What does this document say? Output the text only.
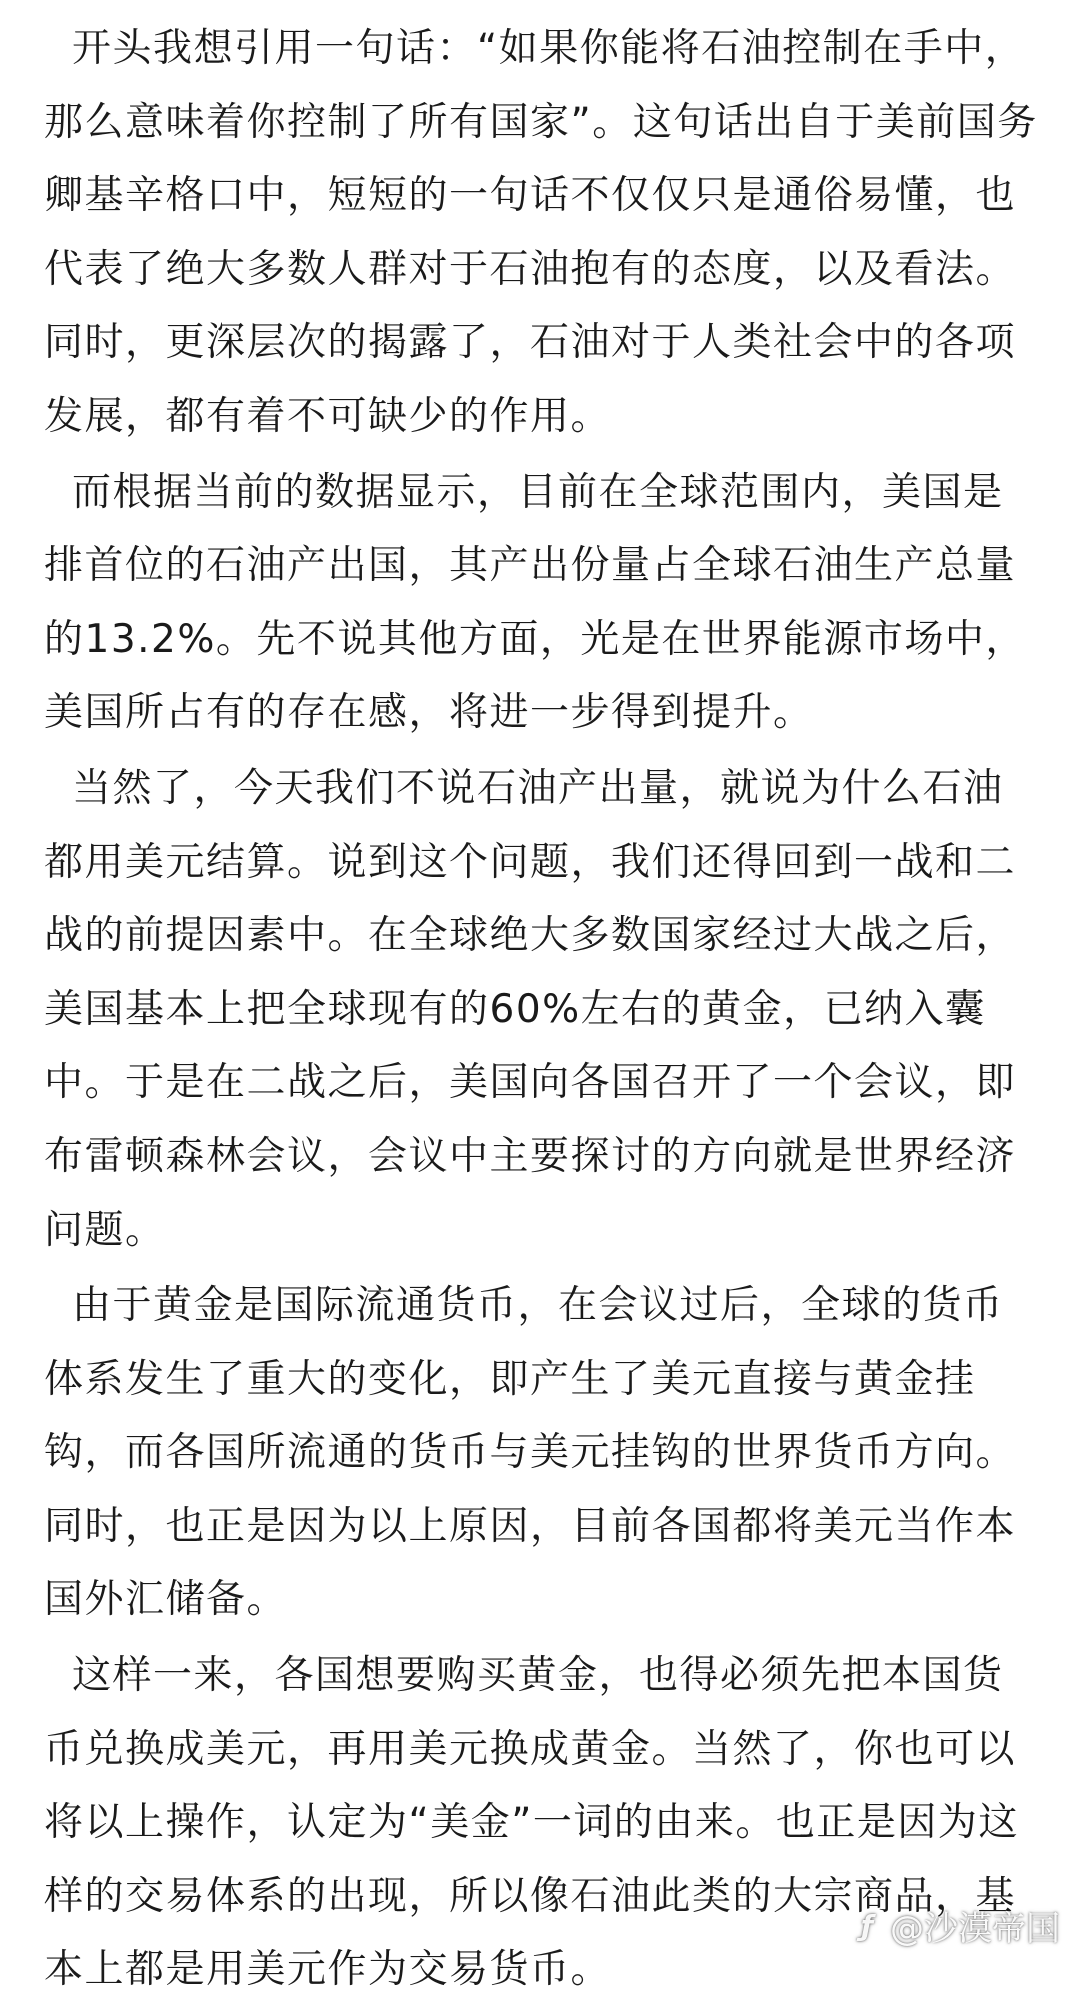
开头我想引用一句话：“如果你能将石油控制在手中，那么意味着你控制了所有国家”。这句话出自于美前国务卿基辛格口中，短短的一句话不仅仅只是通俗易懂，也代表了绝大多数人群对于石油抱有的态度，以及看法。同时，更深层次的揭露了，石油对于人类社会中的各项发展，都有着不可缺少的作用。

而根据当前的数据显示，目前在全球范围内，美国是排首位的石油产出国，其产出份量占全球石油生产总量的13.2%。先不说其他方面，光是在世界能源市场中，美国所占有的存在感，将进一步得到提升。

当然了，今天我们不说石油产出量，就说为什么石油都用美元结算。说到这个问题，我们还得回到一战和二战的前提因素中。在全球绝大多数国家经过大战之后，美国基本上把全球现有的60%左右的黄金，已纳入囊中。于是在二战之后，美国向各国召开了一个会议，即布雷顿森林会议，会议中主要探讨的方向就是世界经济问题。

由于黄金是国际流通货币，在会议过后，全球的货币体系发生了重大的变化，即产生了美元直接与黄金挂钩，而各国所流通的货币与美元挂钩的世界货币方向。同时，也正是因为以上原因，目前各国都将美元当作本国外汇储备。

这样一来，各国想要购买黄金，也得必须先把本国货币兑换成美元，再用美元换成黄金。当然了，你也可以将以上操作，认定为“美金”一词的由来。也正是因为这样的交易体系的出现，所以像石油此类的大宗商品，基本上都是用美元作为交易货币。

ƒ @沙漠帝国
